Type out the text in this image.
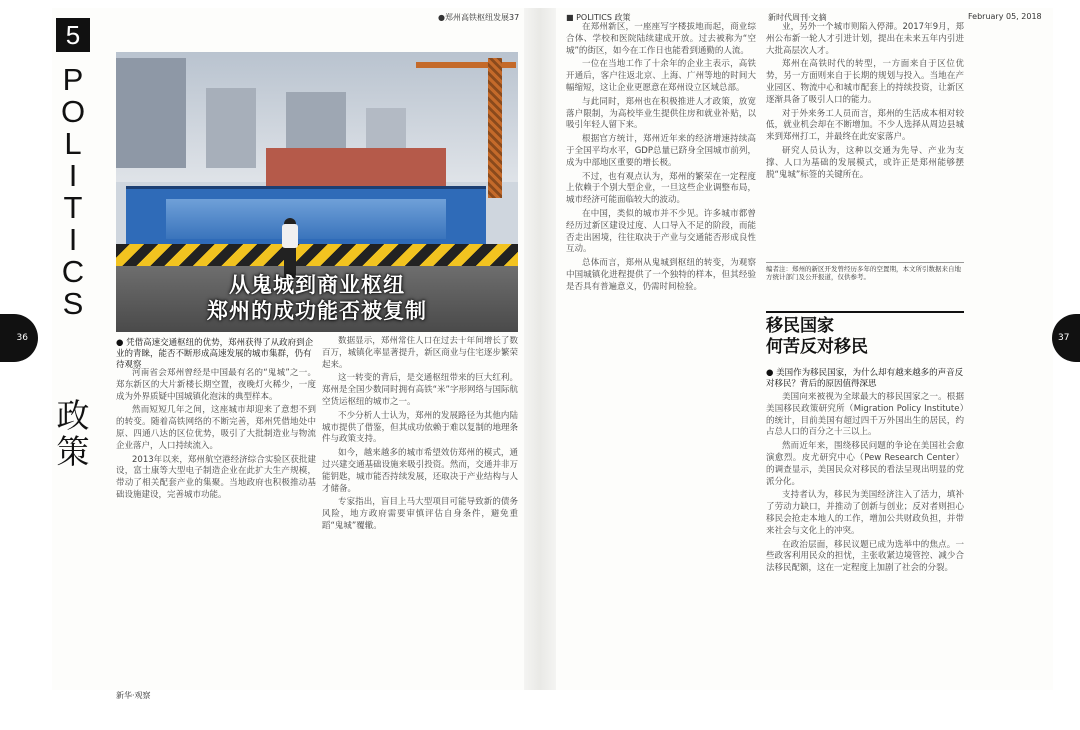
●郑州高铁枢纽发展37	■ POLITICS 政策	新时代周刊·文摘	February 05, 2018
5
P
O
L
I
T
I
C
S
政
策
从鬼城到商业枢纽
郑州的成功能否被复制
● 凭借高速交通枢纽的优势，郑州获得了从政府到企业的青睐，能否不断形成高速发展的城市集群，仍有待观察

河南省会郑州曾经是中国最有名的“鬼城”之一。郑东新区的大片新楼长期空置，夜晚灯火稀少，一度成为外界质疑中国城镇化泡沫的典型样本。

然而短短几年之间，这座城市却迎来了意想不到的转变。随着高铁网络的不断完善，郑州凭借地处中原、四通八达的区位优势，吸引了大批制造业与物流企业落户，人口持续流入。

2013年以来，郑州航空港经济综合实验区获批建设，富士康等大型电子制造企业在此扩大生产规模，带动了相关配套产业的集聚。当地政府也积极推动基础设施建设，完善城市功能。

数据显示，郑州常住人口在过去十年间增长了数百万，城镇化率显著提升，新区商业与住宅逐步繁荣起来。

这一转变的背后，是交通枢纽带来的巨大红利。郑州是全国少数同时拥有高铁“米”字形网络与国际航空货运枢纽的城市之一。

不少分析人士认为，郑州的发展路径为其他内陆城市提供了借鉴，但其成功依赖于难以复制的地理条件与政策支持。

如今，越来越多的城市希望效仿郑州的模式，通过兴建交通基础设施来吸引投资。然而，交通并非万能钥匙，城市能否持续发展，还取决于产业结构与人才储备。

专家指出，盲目上马大型项目可能导致新的债务风险，地方政府需要审慎评估自身条件，避免重蹈“鬼城”覆辙。

在郑州新区，一座座写字楼拔地而起，商业综合体、学校和医院陆续建成开放。过去被称为“空城”的街区，如今在工作日也能看到通勤的人流。

一位在当地工作了十余年的企业主表示，高铁开通后，客户往返北京、上海、广州等地的时间大幅缩短，这让企业更愿意在郑州设立区域总部。

与此同时，郑州也在积极推进人才政策，放宽落户限制，为高校毕业生提供住房和就业补贴，以吸引年轻人留下来。

根据官方统计，郑州近年来的经济增速持续高于全国平均水平，GDP总量已跻身全国城市前列，成为中部地区重要的增长极。

不过，也有观点认为，郑州的繁荣在一定程度上依赖于个别大型企业，一旦这些企业调整布局，城市经济可能面临较大的波动。

在中国，类似的城市并不少见。许多城市都曾经历过新区建设过度、人口导入不足的阶段，而能否走出困境，往往取决于产业与交通能否形成良性互动。

总体而言，郑州从鬼城到枢纽的转变，为观察中国城镇化进程提供了一个独特的样本，但其经验是否具有普遍意义，仍需时间检验。

业，另外一个城市则陷入停滞。2017年9月，郑州公布新一轮人才引进计划，提出在未来五年内引进大批高层次人才。

郑州在高铁时代的转型，一方面来自于区位优势，另一方面则来自于长期的规划与投入。当地在产业园区、物流中心和城市配套上的持续投资，让新区逐渐具备了吸引人口的能力。

对于外来务工人员而言，郑州的生活成本相对较低，就业机会却在不断增加。不少人选择从周边县城来到郑州打工，并最终在此安家落户。

研究人员认为，这种以交通为先导、产业为支撑、人口为基础的发展模式，或许正是郑州能够摆脱“鬼城”标签的关键所在。

编者注：郑州的新区开发曾经历多年的空置期，本文所引数据来自地方统计部门及公开报道，仅供参考。
移民国家
何苦反对移民
● 美国作为移民国家，为什么却有越来越多的声音反对移民？背后的原因值得深思

美国向来被视为全球最大的移民国家之一。根据美国移民政策研究所（Migration Policy Institute）的统计，目前美国有超过四千万外国出生的居民，约占总人口的百分之十三以上。

然而近年来，围绕移民问题的争论在美国社会愈演愈烈。皮尤研究中心（Pew Research Center）的调查显示，美国民众对移民的看法呈现出明显的党派分化。

支持者认为，移民为美国经济注入了活力，填补了劳动力缺口，并推动了创新与创业；反对者则担心移民会抢走本地人的工作，增加公共财政负担，并带来社会与文化上的冲突。

在政治层面，移民议题已成为选举中的焦点。一些政客利用民众的担忧，主张收紧边境管控、减少合法移民配额，这在一定程度上加剧了社会的分裂。

新华·观察
36	37
